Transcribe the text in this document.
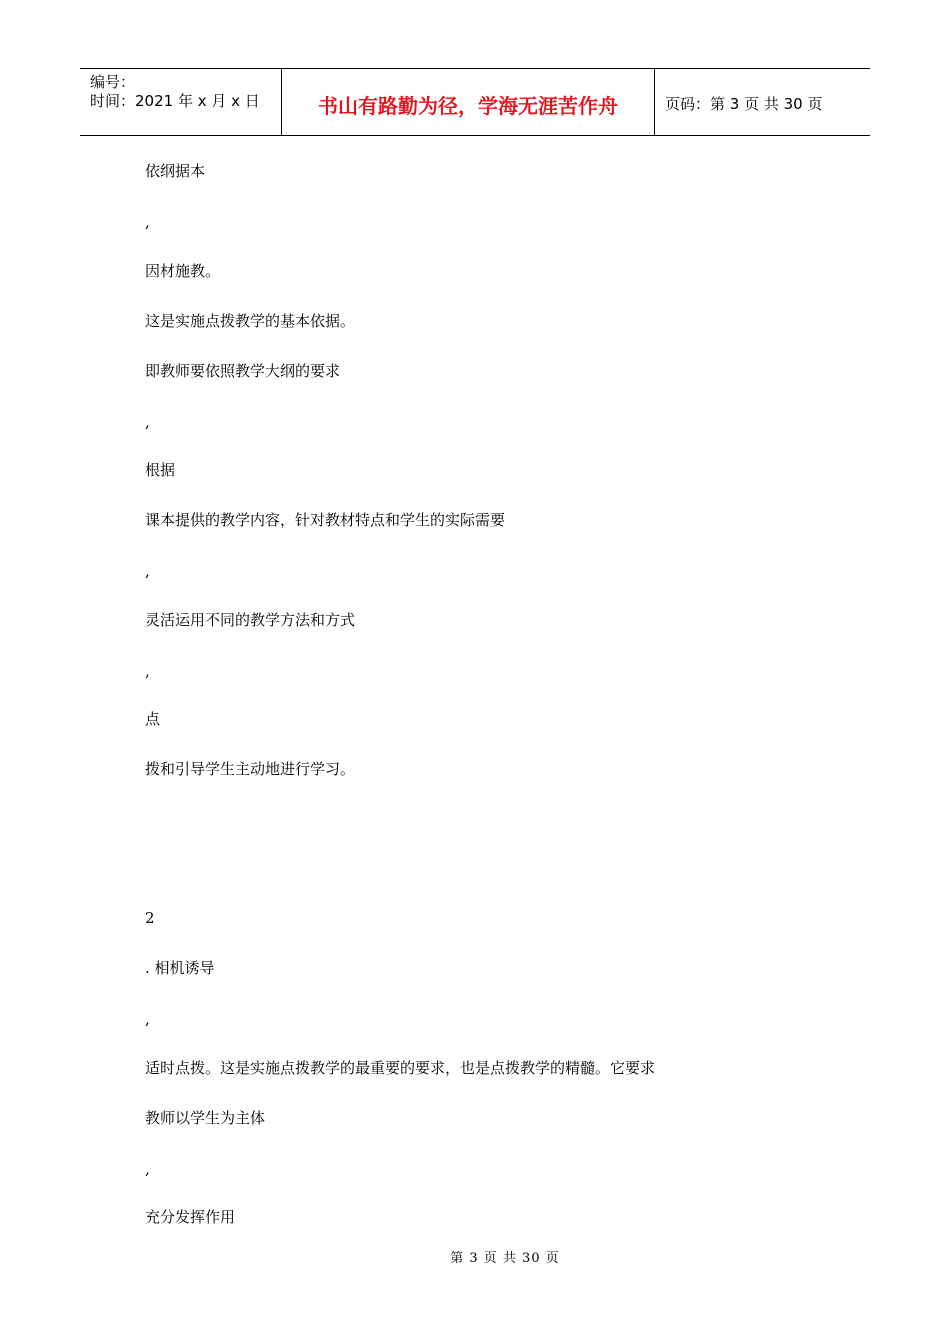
编号：
时间：2021 年 x 月 x 日	书山有路勤为径，学海无涯苦作舟	页码：第 3 页 共 30 页
依纲据本
,
因材施教。
这是实施点拨教学的基本依据。
即教师要依照教学大纲的要求
,
根据
课本提供的教学内容，针对教材特点和学生的实际需要
,
灵活运用不同的教学方法和方式
,
点
拨和引导学生主动地进行学习。
2
. 相机诱导
,
适时点拨。这是实施点拨教学的最重要的要求，也是点拨教学的精髓。它要求
教师以学生为主体
,
充分发挥作用
第 3 页 共 30 页
